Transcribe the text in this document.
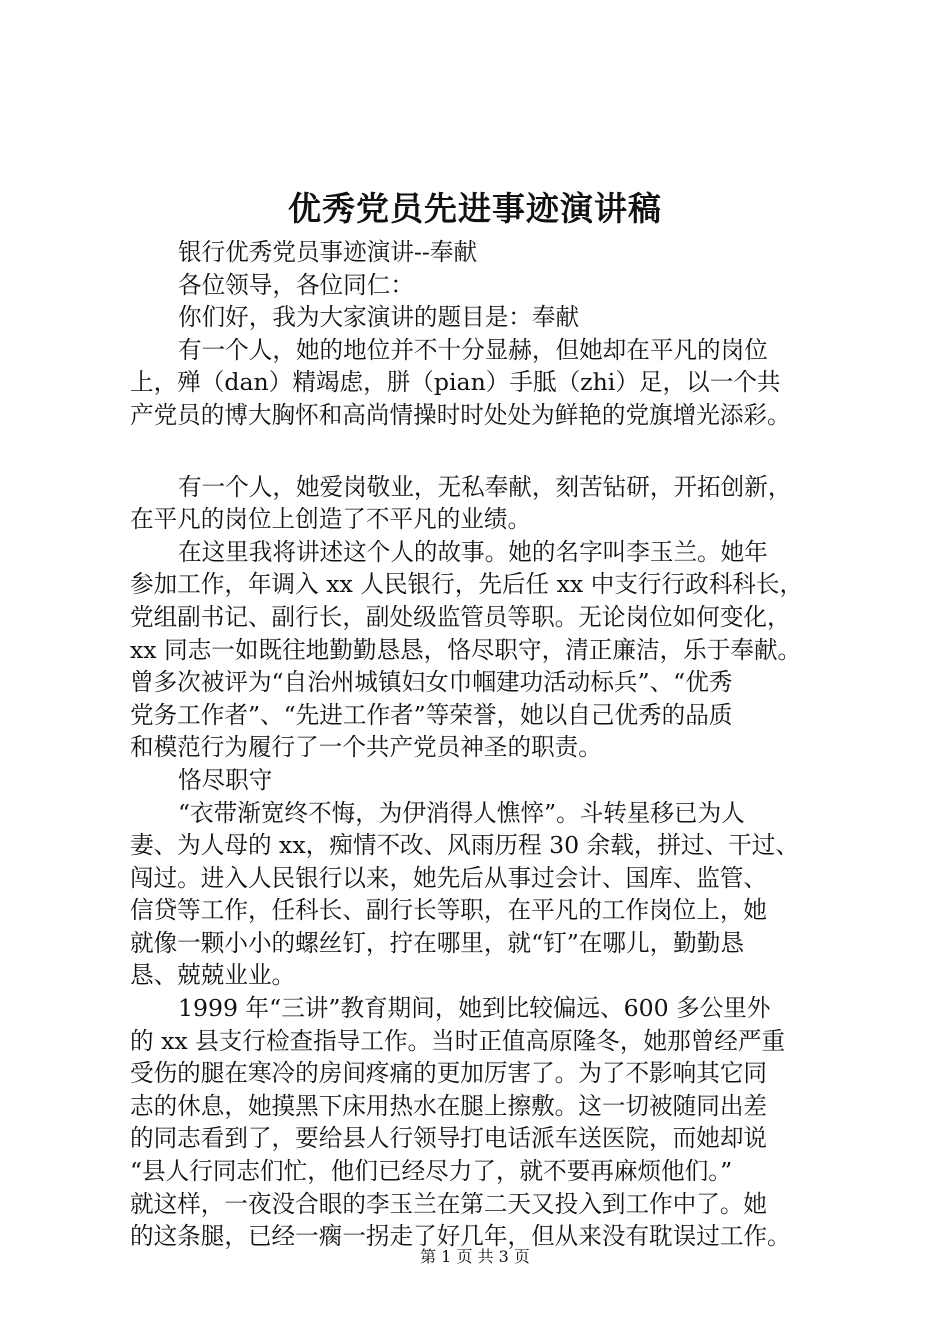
优秀党员先进事迹演讲稿

银行优秀党员事迹演讲--奉献

各位领导，各位同仁：

你们好，我为大家演讲的题目是：奉献

有一个人，她的地位并不十分显赫，但她却在平凡的岗位

上，殚（dan）精竭虑，胼（pian）手胝（zhi）足，以一个共

产党员的博大胸怀和高尚情操时时处处为鲜艳的党旗增光添彩。

有一个人，她爱岗敬业，无私奉献，刻苦钻研，开拓创新，

在平凡的岗位上创造了不平凡的业绩。

在这里我将讲述这个人的故事。她的名字叫李玉兰。她年

参加工作，年调入 xx 人民银行，先后任 xx 中支行行政科科长，

党组副书记、副行长，副处级监管员等职。无论岗位如何变化，

xx 同志一如既往地勤勤恳恳，恪尽职守，清正廉洁，乐于奉献。

曾多次被评为“自治州城镇妇女巾帼建功活动标兵”、“优秀

党务工作者”、“先进工作者”等荣誉，她以自己优秀的品质

和模范行为履行了一个共产党员神圣的职责。

恪尽职守

“衣带渐宽终不悔，为伊消得人憔悴”。斗转星移已为人

妻、为人母的 xx，痴情不改、风雨历程 30 余载，拼过、干过、

闯过。进入人民银行以来，她先后从事过会计、国库、监管、

信贷等工作，任科长、副行长等职，在平凡的工作岗位上，她

就像一颗小小的螺丝钉，拧在哪里，就“钉”在哪儿，勤勤恳

恳、兢兢业业。

1999 年“三讲”教育期间，她到比较偏远、600 多公里外

的 xx 县支行检查指导工作。当时正值高原隆冬，她那曾经严重

受伤的腿在寒冷的房间疼痛的更加厉害了。为了不影响其它同

志的休息，她摸黑下床用热水在腿上擦敷。这一切被随同出差

的同志看到了，要给县人行领导打电话派车送医院，而她却说

“县人行同志们忙，他们已经尽力了，就不要再麻烦他们。”

就这样，一夜没合眼的李玉兰在第二天又投入到工作中了。她

的这条腿，已经一瘸一拐走了好几年，但从来没有耽误过工作。

第 1 页 共 3 页
